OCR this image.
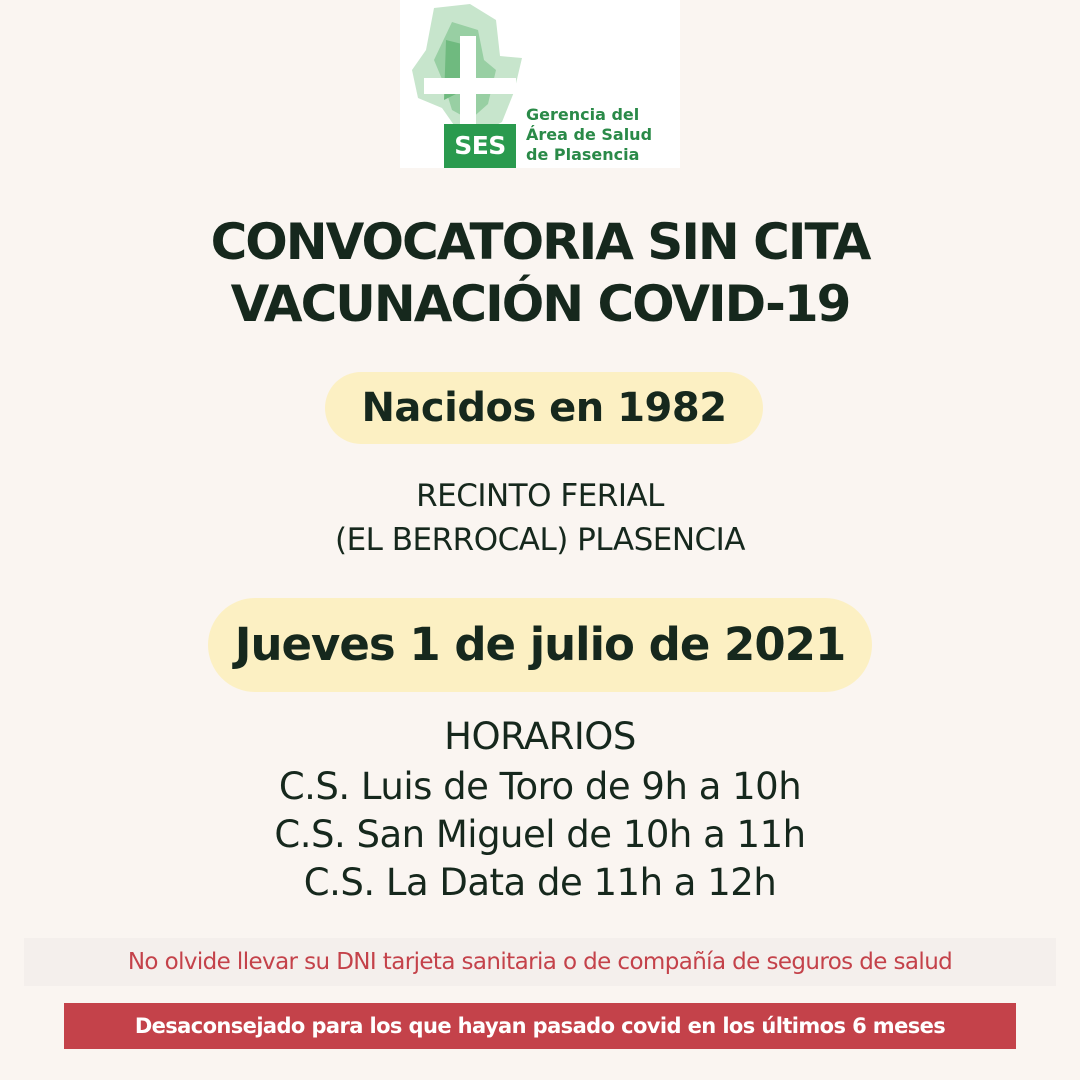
SES
Gerencia del
Área de Salud
de Plasencia
CONVOCATORIA SIN CITA
VACUNACIÓN COVID-19
Nacidos en 1982
RECINTO FERIAL
(EL BERROCAL) PLASENCIA
Jueves 1 de julio de 2021
HORARIOS
C.S. Luis de Toro de 9h a 10h
C.S. San Miguel de 10h a 11h
C.S. La Data de 11h a 12h
No olvide llevar su DNI tarjeta sanitaria o de compañía de seguros de salud
Desaconsejado para los que hayan pasado covid en los últimos 6 meses
